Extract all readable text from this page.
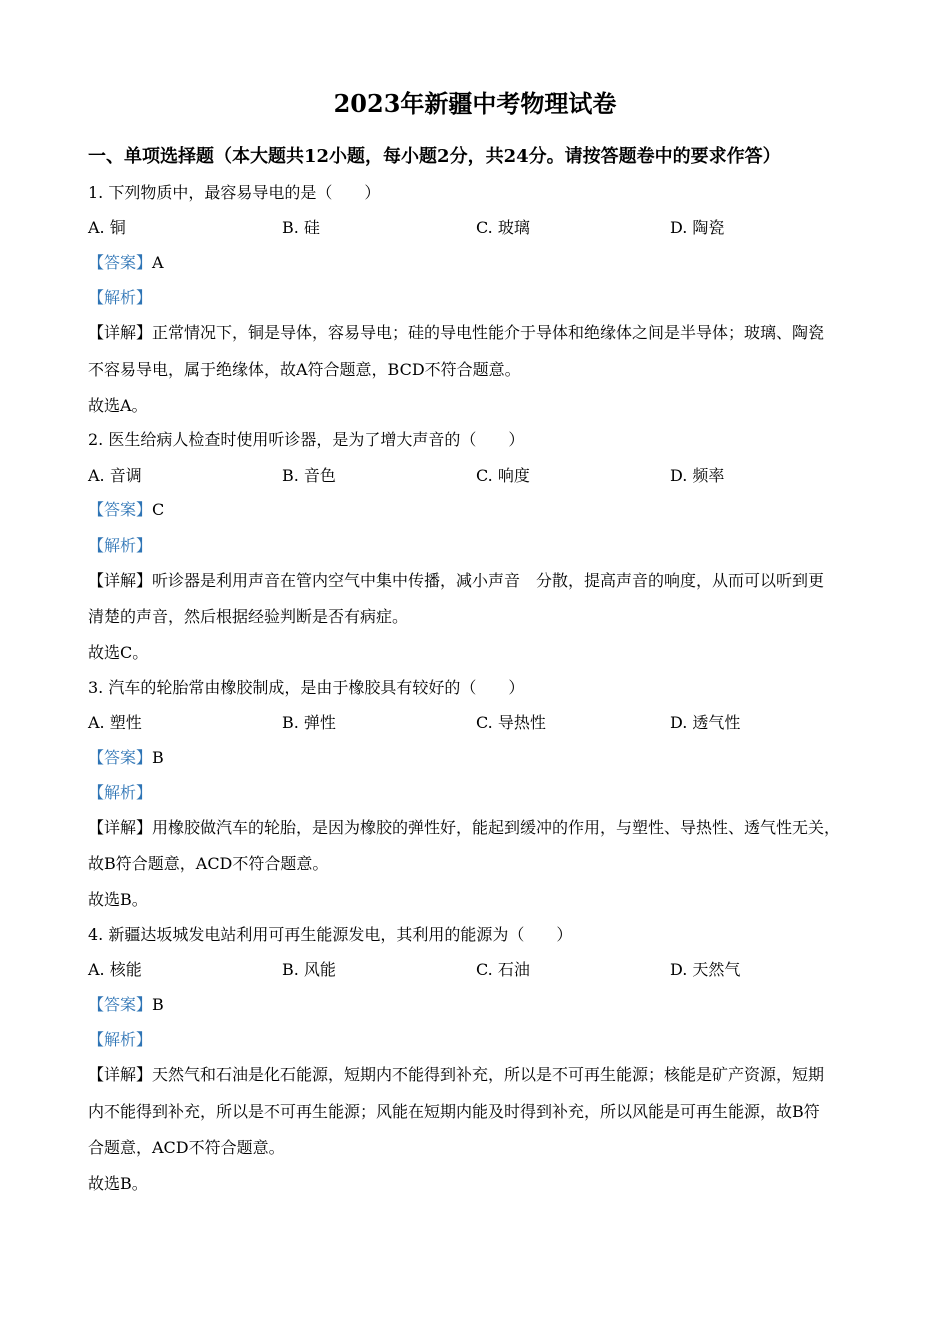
2023年新疆中考物理试卷
一、单项选择题（本大题共12小题，每小题2分，共24分。请按答题卷中的要求作答）
1. 下列物质中，最容易导电的是（　　）
A. 铜	B. 硅	C. 玻璃	D. 陶瓷
【答案】A
【解析】
【详解】正常情况下，铜是导体，容易导电；硅的导电性能介于导体和绝缘体之间是半导体；玻璃、陶瓷
不容易导电，属于绝缘体，故A符合题意，BCD不符合题意。
故选A。
2. 医生给病人检查时使用听诊器，是为了增大声音的（　　）
A. 音调	B. 音色	C. 响度	D. 频率
【答案】C
【解析】
【详解】听诊器是利用声音在管内空气中集中传播，减小声音　分散，提高声音的响度，从而可以听到更
清楚的声音，然后根据经验判断是否有病症。
故选C。
3. 汽车的轮胎常由橡胶制成，是由于橡胶具有较好的（　　）
A. 塑性	B. 弹性	C. 导热性	D. 透气性
【答案】B
【解析】
【详解】用橡胶做汽车的轮胎，是因为橡胶的弹性好，能起到缓冲的作用，与塑性、导热性、透气性无关，
故B符合题意，ACD不符合题意。
故选B。
4. 新疆达坂城发电站利用可再生能源发电，其利用的能源为（　　）
A. 核能	B. 风能	C. 石油	D. 天然气
【答案】B
【解析】
【详解】天然气和石油是化石能源，短期内不能得到补充，所以是不可再生能源；核能是矿产资源，短期
内不能得到补充，所以是不可再生能源；风能在短期内能及时得到补充，所以风能是可再生能源，故B符
合题意，ACD不符合题意。
故选B。
